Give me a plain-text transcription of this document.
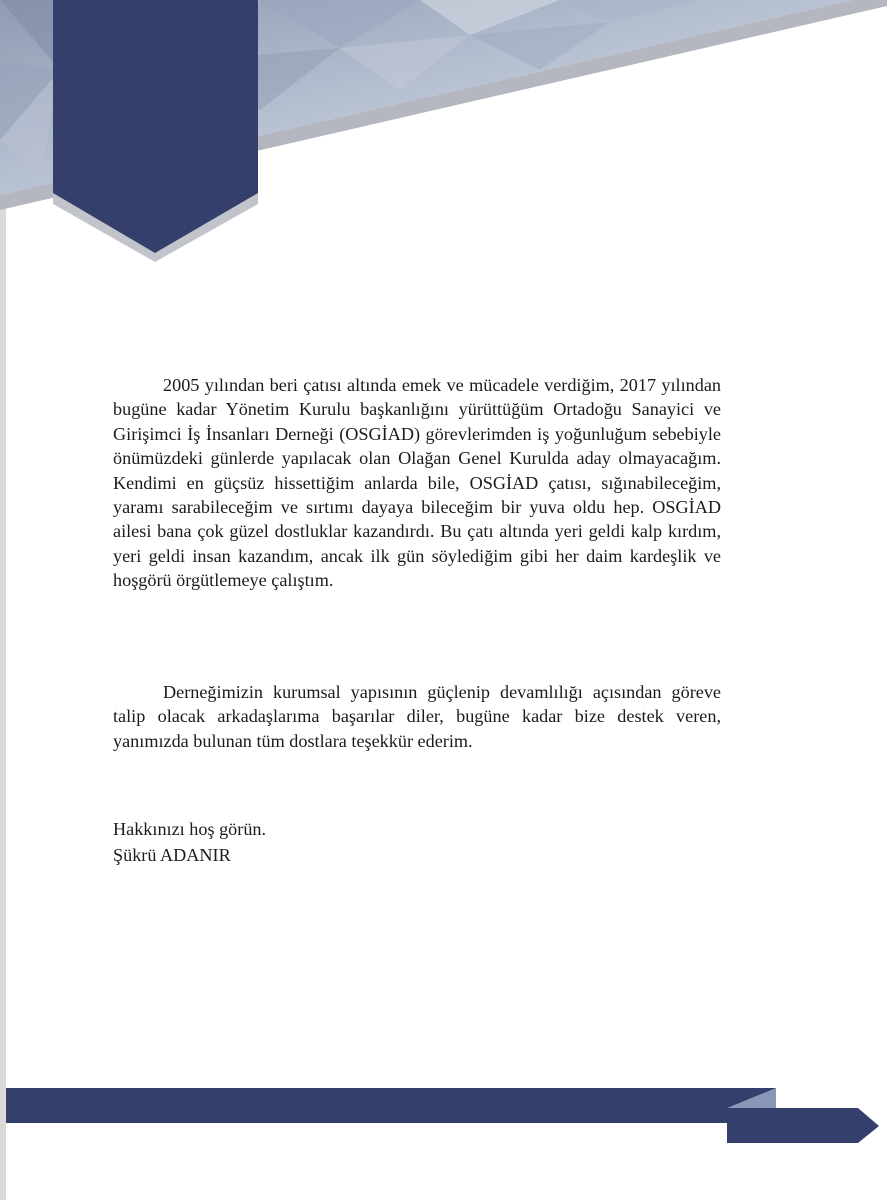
2005 yılından beri çatısı altında emek ve mücadele verdiğim, 2017 yılından bugüne kadar Yönetim Kurulu başkanlığını yürüttüğüm Ortadoğu Sanayici ve Girişimci İş İnsanları Derneği (OSGİAD) görevlerimden iş yoğunluğum sebebiyle önümüzdeki günlerde yapılacak olan Olağan Genel Kurulda aday olmayacağım. Kendimi en güçsüz hissettiğim anlarda bile, OSGİAD çatısı, sığınabileceğim, yaramı sarabileceğim ve sırtımı dayaya bileceğim bir yuva oldu hep. OSGİAD ailesi bana çok güzel dostluklar kazandırdı. Bu çatı altında yeri geldi kalp kırdım, yeri geldi insan kazandım, ancak ilk gün söylediğim gibi her daim kardeşlik ve hoşgörü örgütlemeye çalıştım.

Derneğimizin kurumsal yapısının güçlenip devamlılığı açısından göreve talip olacak arkadaşlarıma başarılar diler, bugüne kadar bize destek veren, yanımızda bulunan tüm dostlara teşekkür ederim.

Hakkınızı hoş görün.

Şükrü ADANIR
